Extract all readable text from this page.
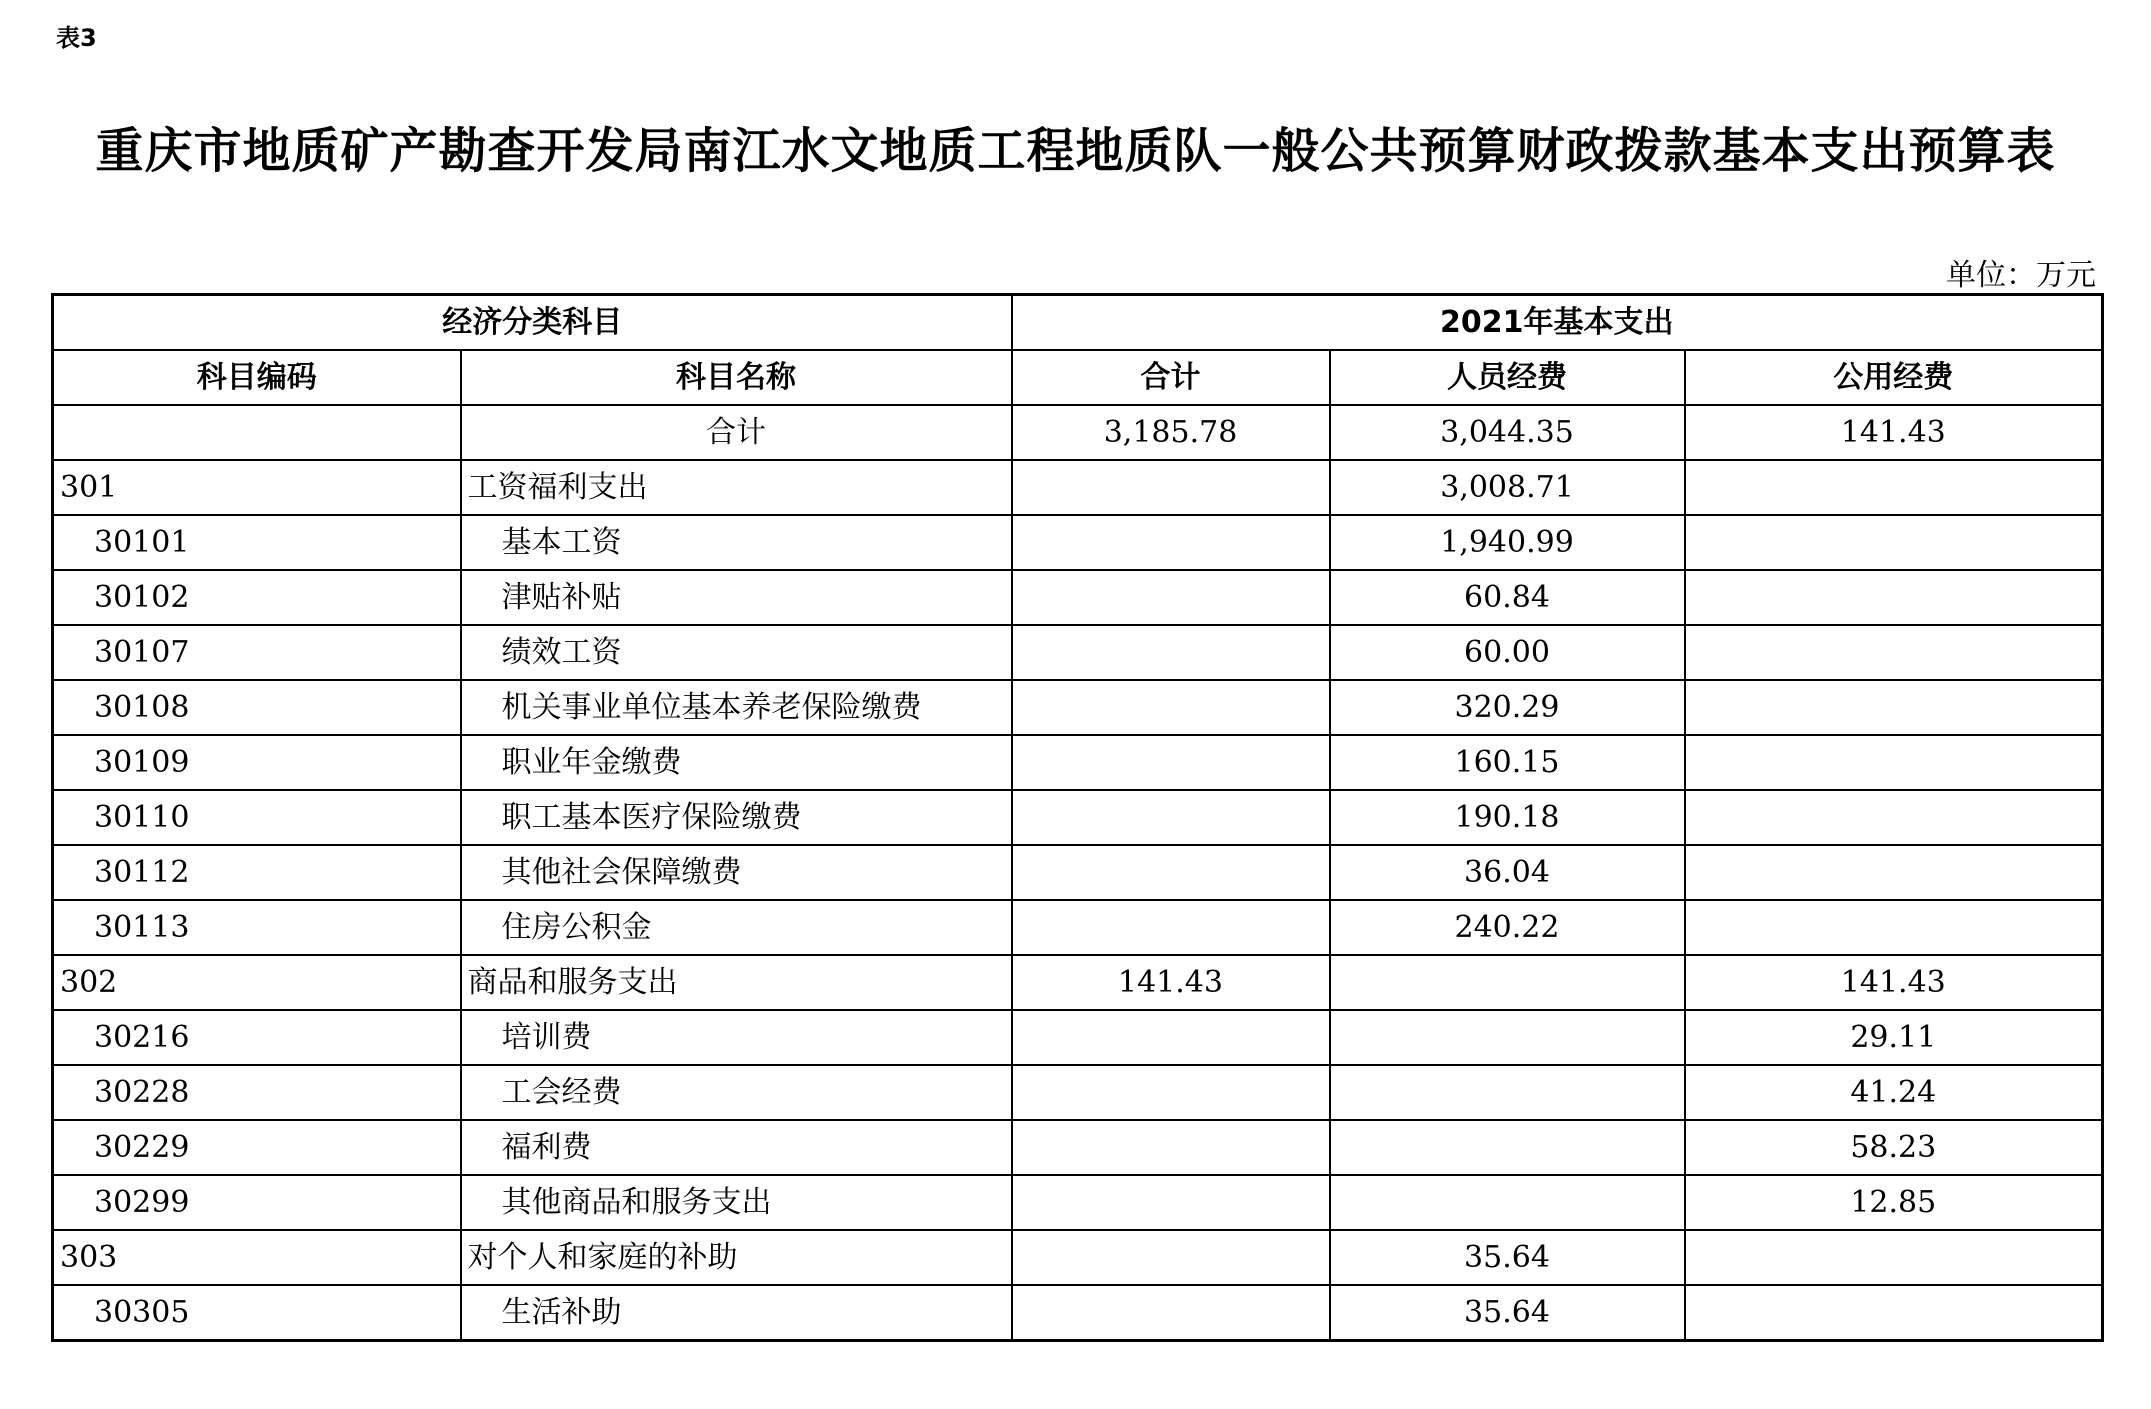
表3
重庆市地质矿产勘查开发局南江水文地质工程地质队一般公共预算财政拨款基本支出预算表
单位：万元
经济分类科目		2021年基本支出		
科目编码	科目名称	合计	人员经费	公用经费
	合计	3,185.78	3,044.35	141.43
301	工资福利支出		3,008.71	
30101	基本工资		1,940.99	
30102	津贴补贴		60.84	
30107	绩效工资		60.00	
30108	机关事业单位基本养老保险缴费		320.29	
30109	职业年金缴费		160.15	
30110	职工基本医疗保险缴费		190.18	
30112	其他社会保障缴费		36.04	
30113	住房公积金		240.22	
302	商品和服务支出	141.43		141.43
30216	培训费			29.11
30228	工会经费			41.24
30229	福利费			58.23
30299	其他商品和服务支出			12.85
303	对个人和家庭的补助		35.64	
30305	生活补助		35.64	
